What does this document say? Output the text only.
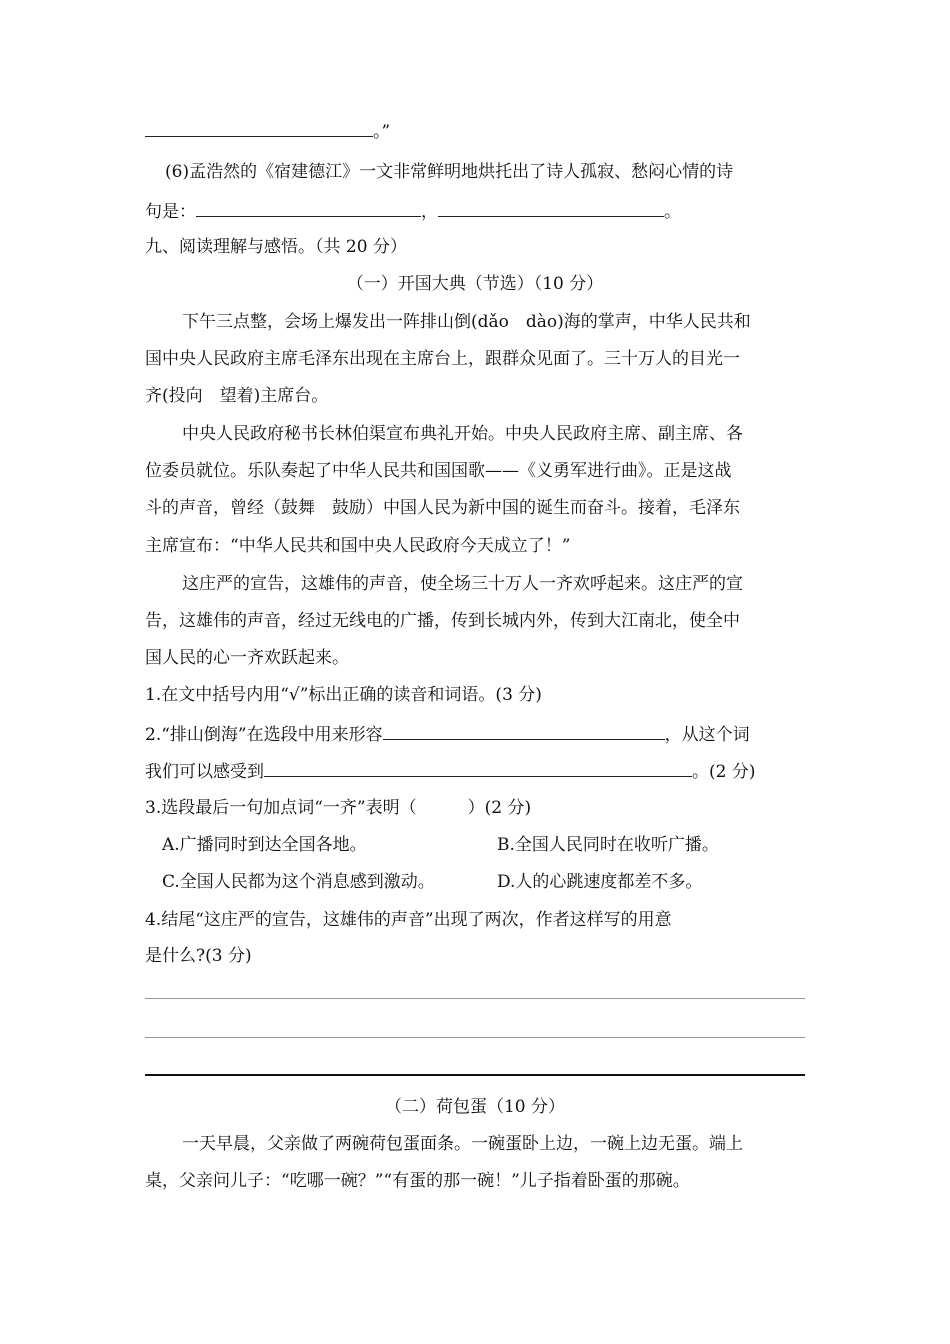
。”
(6)孟浩然的《宿建德江》一文非常鲜明地烘托出了诗人孤寂、愁闷心情的诗
句是：	，	。
九、阅读理解与感悟。（共 20 分）
（一）开国大典（节选）（10 分）
下午三点整，会场上爆发出一阵排山倒(dǎo　dào)海的掌声，中华人民共和
国中央人民政府主席毛泽东出现在主席台上，跟群众见面了。三十万人的目光一
齐(投向　望着)主席台。
中央人民政府秘书长林伯渠宣布典礼开始。中央人民政府主席、副主席、各
位委员就位。乐队奏起了中华人民共和国国歌——《义勇军进行曲》。正是这战
斗的声音，曾经（鼓舞　鼓励）中国人民为新中国的诞生而奋斗。接着，毛泽东
主席宣布：“中华人民共和国中央人民政府今天成立了！”
这庄严的宣告，这雄伟的声音，使全场三十万人一齐欢呼起来。这庄严的宣
告，这雄伟的声音，经过无线电的广播，传到长城内外，传到大江南北，使全中
国人民的心一齐欢跃起来。
1.在文中括号内用“√”标出正确的读音和词语。(3 分)
2.“排山倒海”在选段中用来形容	，从这个词
我们可以感受到	。(2 分)
3.选段最后一句加点词“一齐”表明（　　　）(2 分)
A.广播同时到达全国各地。	B.全国人民同时在收听广播。
C.全国人民都为这个消息感到激动。	D.人的心跳速度都差不多。
4.结尾“这庄严的宣告，这雄伟的声音”出现了两次，作者这样写的用意
是什么?(3 分)
（二）荷包蛋（10 分）
一天早晨，父亲做了两碗荷包蛋面条。一碗蛋卧上边，一碗上边无蛋。端上
桌，父亲问儿子：“吃哪一碗？”“有蛋的那一碗！”儿子指着卧蛋的那碗。
